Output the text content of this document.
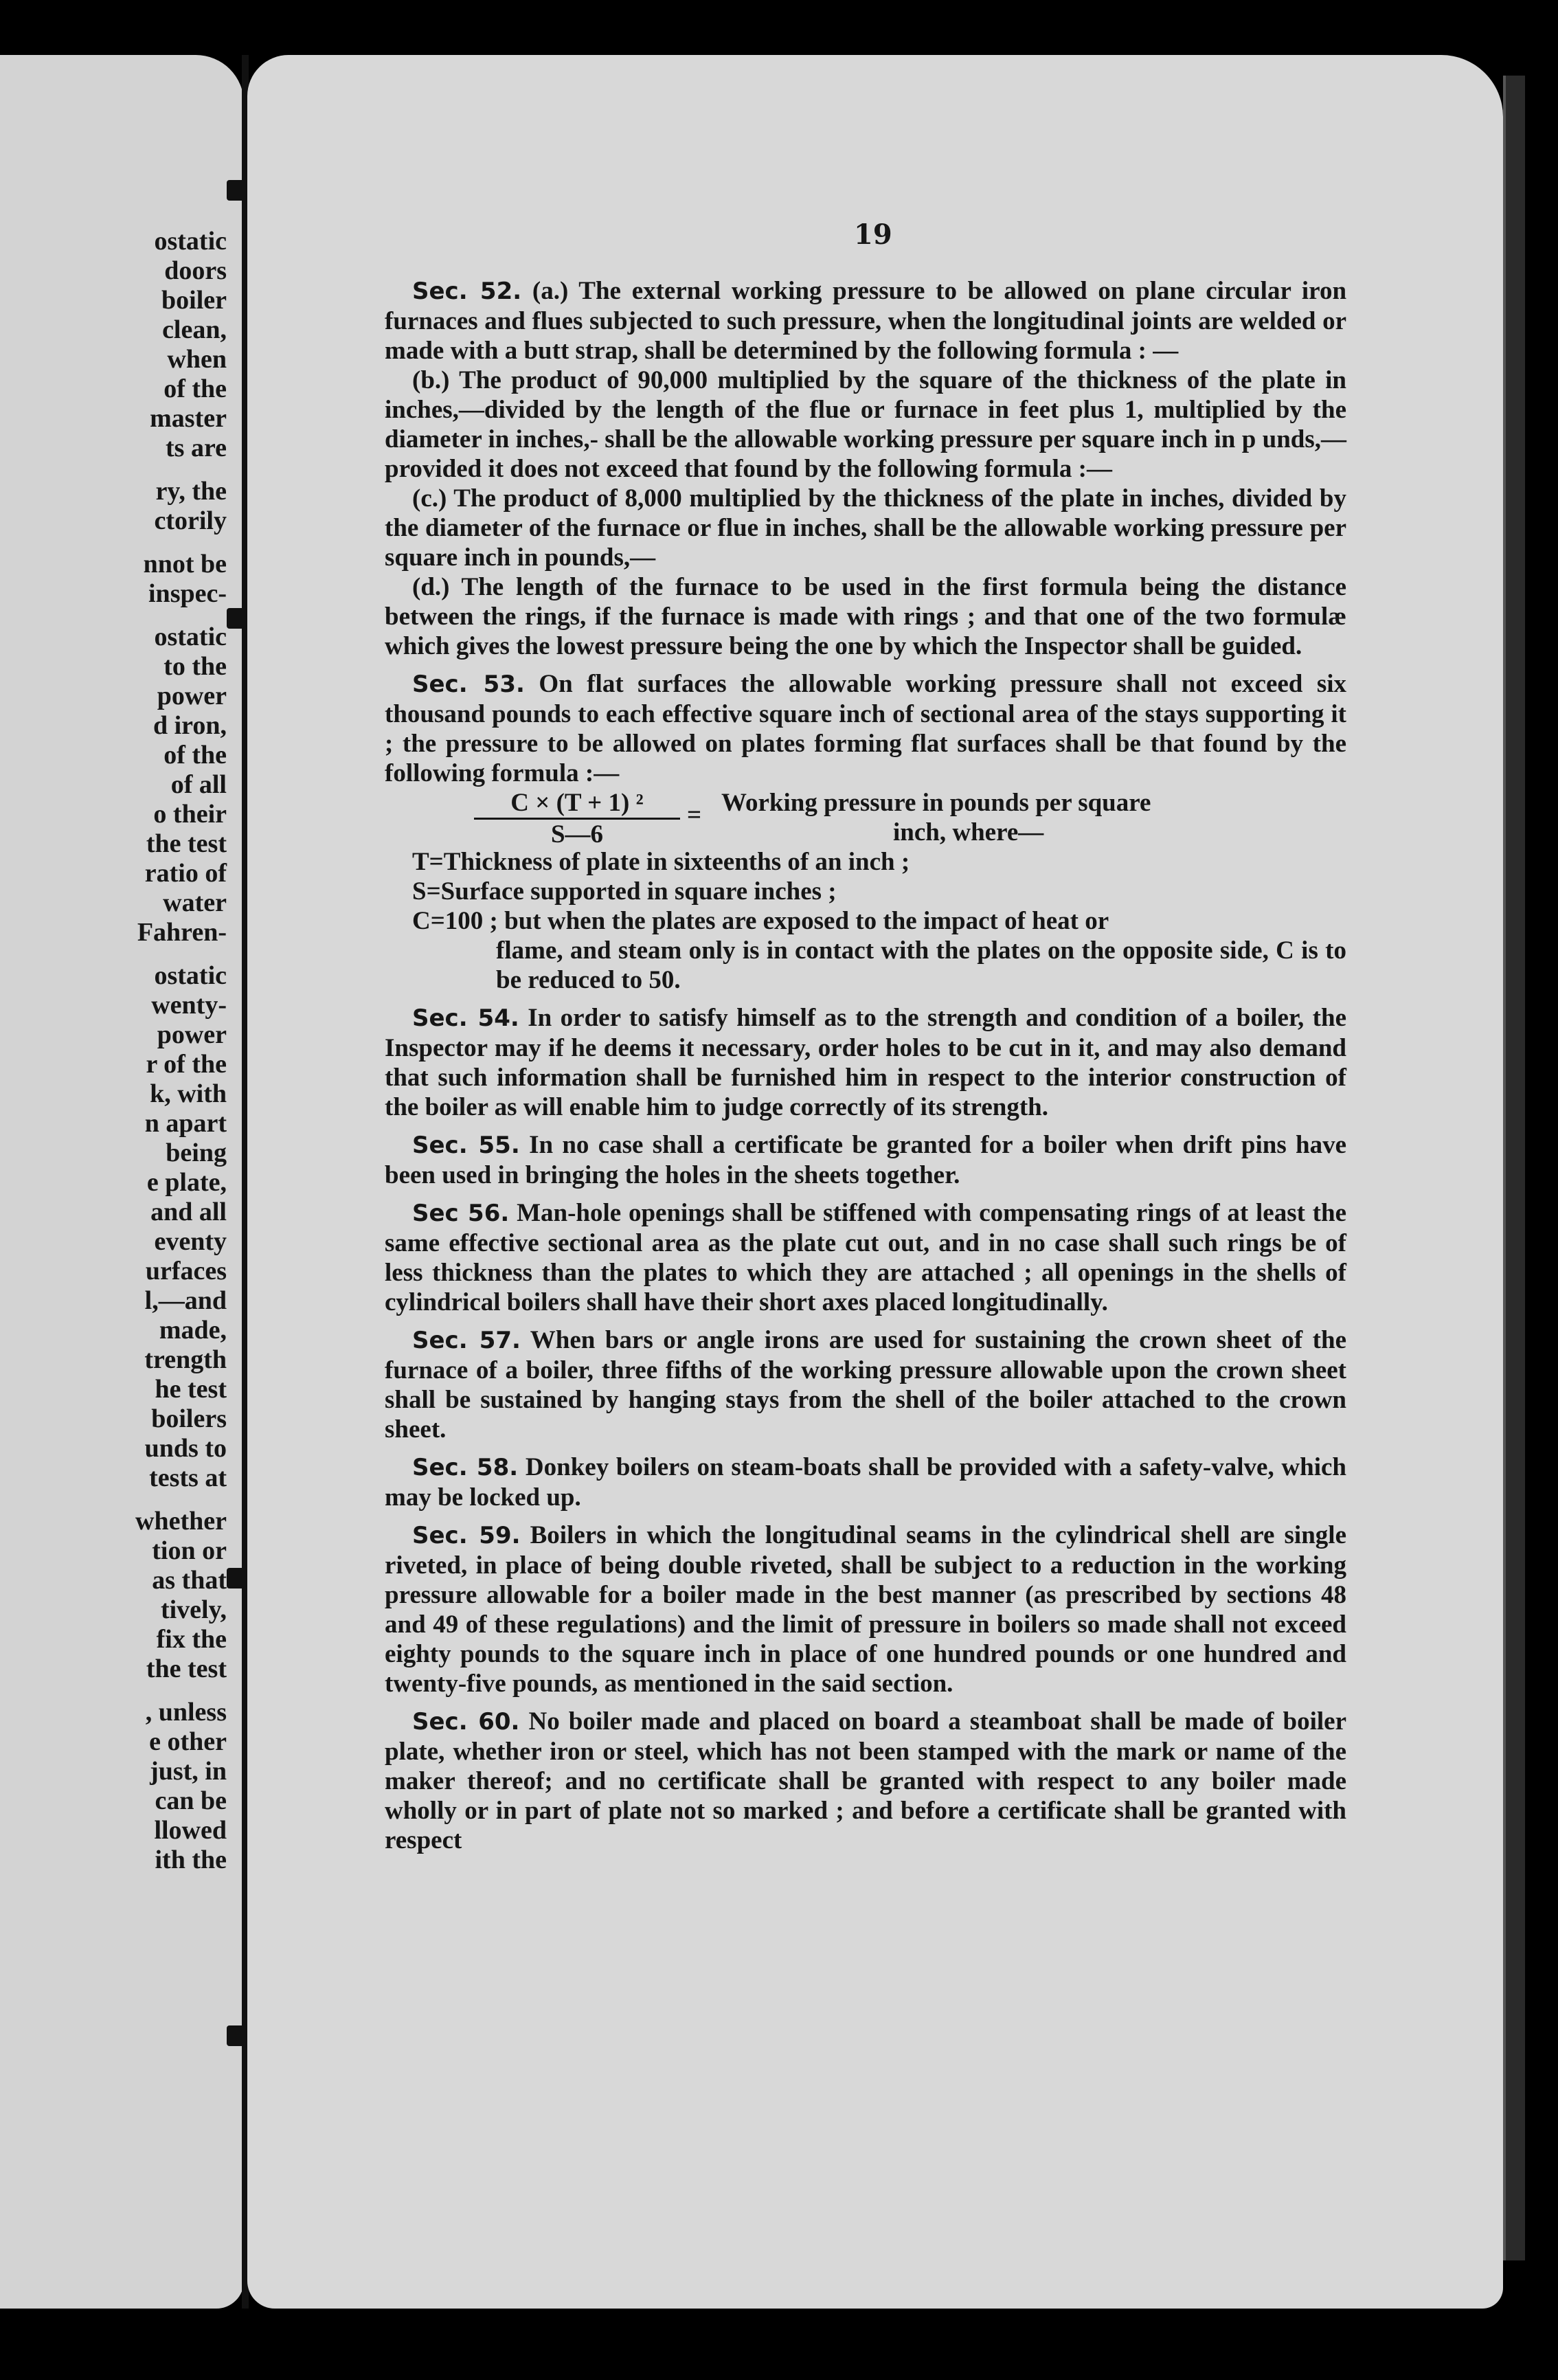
ostatic
doors
boiler
clean,
when
of the
master
ts are
ry, the
ctorily
nnot be
inspec-
ostatic
to the
power
d iron,
of the
of all
o their
the test
ratio of
water
Fahren-
ostatic
wenty-
power
r of the
k, with
n apart
being
e plate,
and all
eventy
urfaces
l,—and
made,
trength
he test
boilers
unds to
tests at
whether
tion or
as that
tively,
fix the
the test
, unless
e other
just, in
can be
llowed
ith the
19

Sec. 52. (a.) The external working pressure to be allowed on plane circular iron furnaces and flues subjected to such pressure, when the longitudinal joints are welded or made with a butt strap, shall be determined by the following formula : —

(b.) The product of 90,000 multiplied by the square of the thickness of the plate in inches,—divided by the length of the flue or furnace in feet plus 1, multiplied by the diameter in inches,- shall be the allowable working pressure per square inch in p unds,— provided it does not exceed that found by the following formula :—

(c.) The product of 8,000 multiplied by the thickness of the plate in inches, divided by the diameter of the furnace or flue in inches, shall be the allowable working pressure per square inch in pounds,—

(d.) The length of the furnace to be used in the first formula being the distance between the rings, if the furnace is made with rings ; and that one of the two formulæ which gives the lowest pressure being the one by which the Inspector shall be guided.

Sec. 53. On flat surfaces the allowable working pressure shall not exceed six thousand pounds to each effective square inch of sectional area of the stays supporting it ; the pressure to be allowed on plates forming flat surfaces shall be that found by the following formula :—

$\frac{\text{C × (T + 1) ²}}{S—6}$ = Working pressure in pounds per square
inch, where—

T=Thickness of plate in sixteenths of an inch ;

S=Surface supported in square inches ;

C=100 ; but when the plates are exposed to the impact of heat or

flame, and steam only is in contact with the plates on the opposite side, C is to be reduced to 50.

Sec. 54. In order to satisfy himself as to the strength and condition of a boiler, the Inspector may if he deems it necessary, order holes to be cut in it, and may also demand that such information shall be furnished him in respect to the interior construction of the boiler as will enable him to judge correctly of its strength.

Sec. 55. In no case shall a certificate be granted for a boiler when drift pins have been used in bringing the holes in the sheets together.

Sec 56. Man-hole openings shall be stiffened with compensating rings of at least the same effective sectional area as the plate cut out, and in no case shall such rings be of less thickness than the plates to which they are attached ; all openings in the shells of cylindrical boilers shall have their short axes placed longitudinally.

Sec. 57. When bars or angle irons are used for sustaining the crown sheet of the furnace of a boiler, three fifths of the working pressure allowable upon the crown sheet shall be sustained by hanging stays from the shell of the boiler attached to the crown sheet.

Sec. 58. Donkey boilers on steam-boats shall be provided with a safety-valve, which may be locked up.

Sec. 59. Boilers in which the longitudinal seams in the cylindrical shell are single riveted, in place of being double riveted, shall be subject to a reduction in the working pressure allowable for a boiler made in the best manner (as prescribed by sections 48 and 49 of these regulations) and the limit of pressure in boilers so made shall not exceed eighty pounds to the square inch in place of one hundred pounds or one hundred and twenty-five pounds, as mentioned in the said section.

Sec. 60. No boiler made and placed on board a steamboat shall be made of boiler plate, whether iron or steel, which has not been stamped with the mark or name of the maker thereof; and no certificate shall be granted with respect to any boiler made wholly or in part of plate not so marked ; and before a certificate shall be granted with respect
